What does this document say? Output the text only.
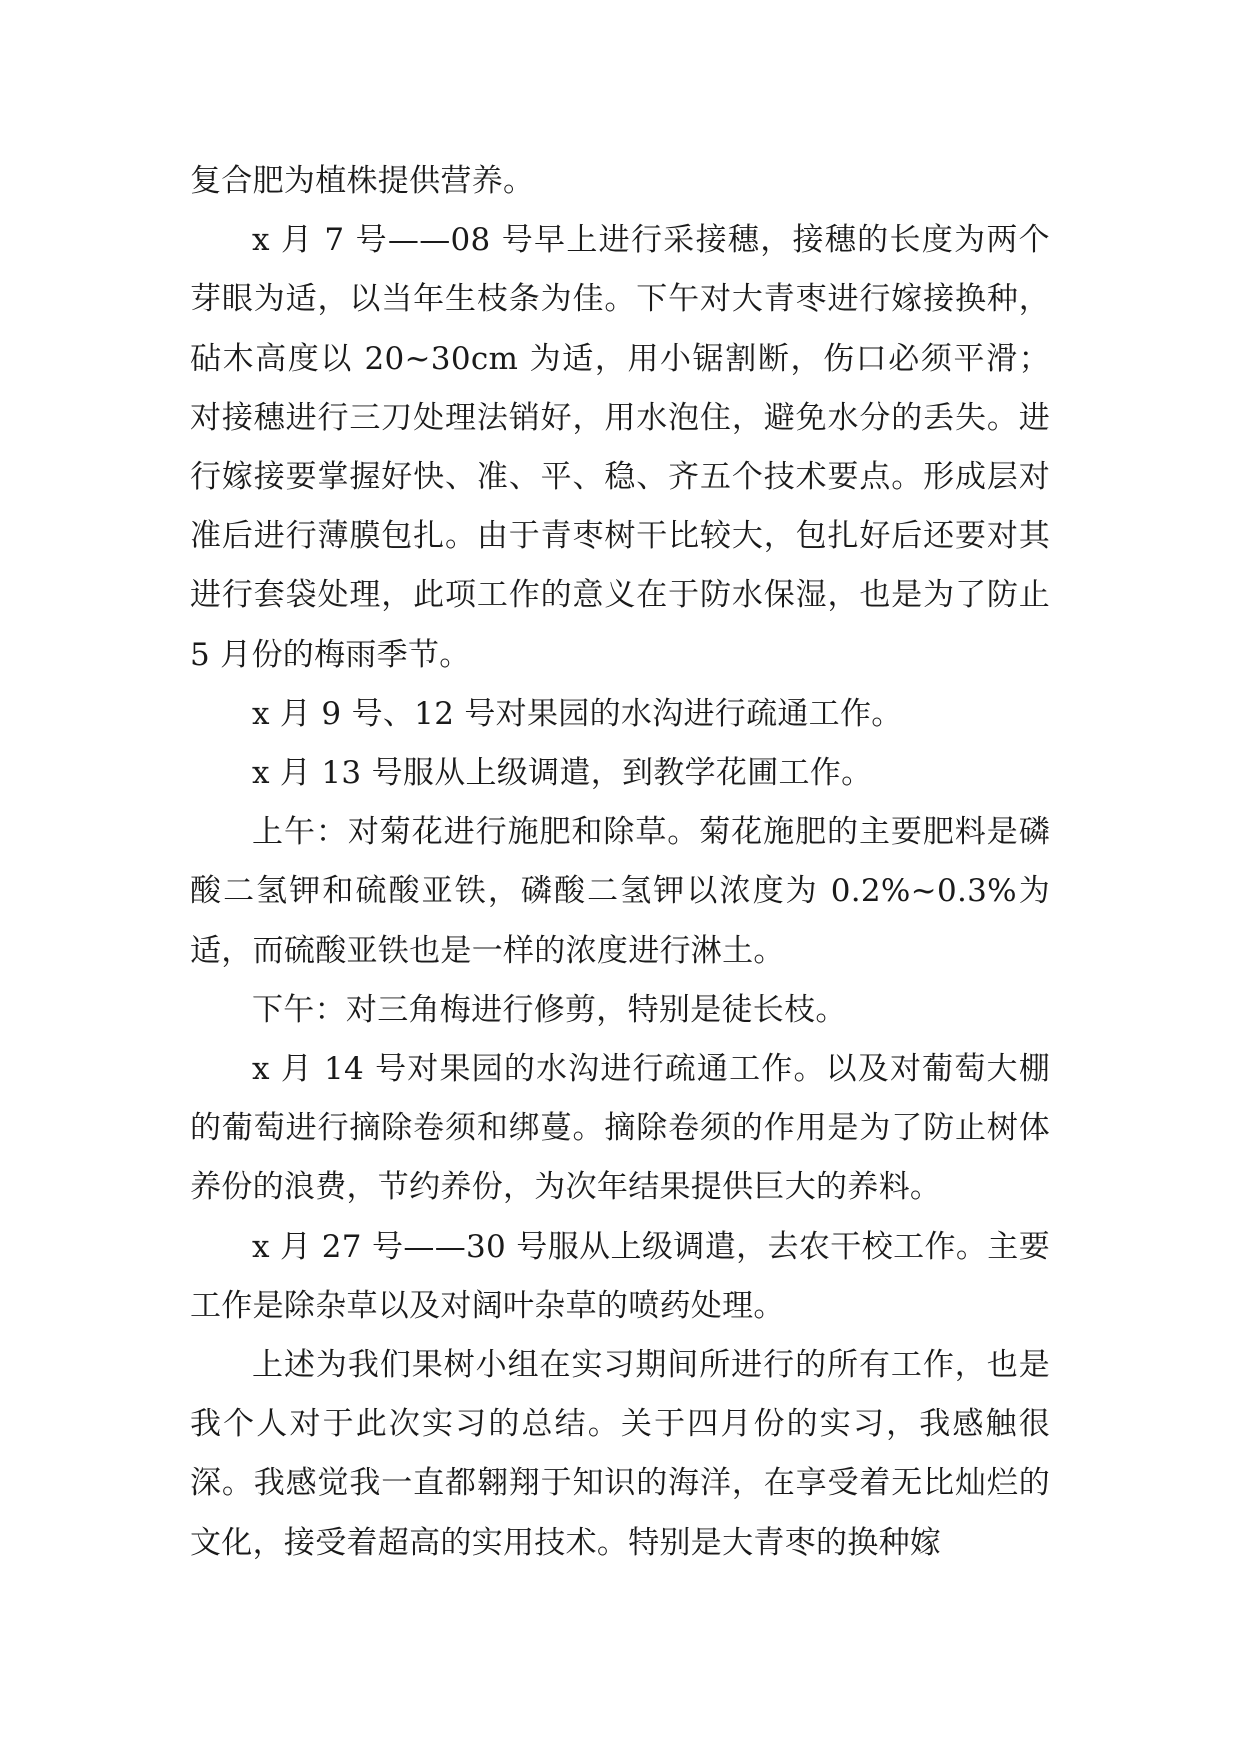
复合肥为植株提供营养。

x 月 7 号——08 号早上进行采接穗，接穗的长度为两个芽眼为适，以当年生枝条为佳。下午对大青枣进行嫁接换种，砧木高度以 20~30cm 为适，用小锯割断，伤口必须平滑；对接穗进行三刀处理法销好，用水泡住，避免水分的丢失。进行嫁接要掌握好快、准、平、稳、齐五个技术要点。形成层对准后进行薄膜包扎。由于青枣树干比较大，包扎好后还要对其进行套袋处理，此项工作的意义在于防水保湿，也是为了防止 5 月份的梅雨季节。

x 月 9 号、12 号对果园的水沟进行疏通工作。

x 月 13 号服从上级调遣，到教学花圃工作。

上午：对菊花进行施肥和除草。菊花施肥的主要肥料是磷酸二氢钾和硫酸亚铁，磷酸二氢钾以浓度为 0.2%~0.3%为适，而硫酸亚铁也是一样的浓度进行淋土。

下午：对三角梅进行修剪，特别是徒长枝。

x 月 14 号对果园的水沟进行疏通工作。以及对葡萄大棚的葡萄进行摘除卷须和绑蔓。摘除卷须的作用是为了防止树体养份的浪费，节约养份，为次年结果提供巨大的养料。

x 月 27 号——30 号服从上级调遣，去农干校工作。主要工作是除杂草以及对阔叶杂草的喷药处理。

上述为我们果树小组在实习期间所进行的所有工作，也是我个人对于此次实习的总结。关于四月份的实习，我感触很深。我感觉我一直都翱翔于知识的海洋，在享受着无比灿烂的文化，接受着超高的实用技术。特别是大青枣的换种嫁
